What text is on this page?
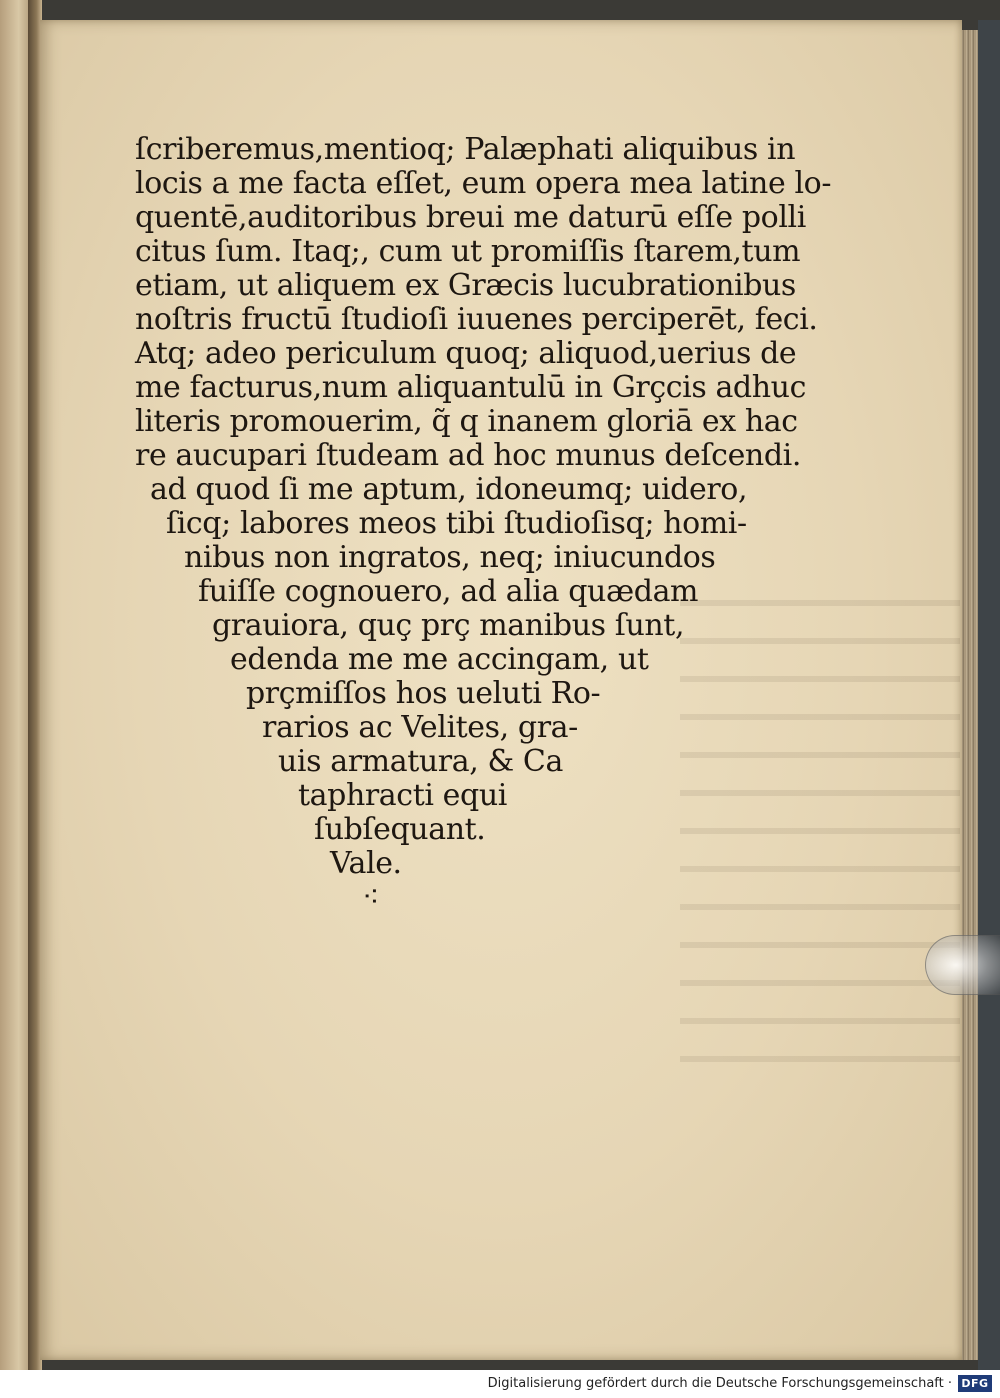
ſcriberemus,mentioq; Palæphati aliquibus in
locis a me facta eſſet, eum opera mea latine lo-
quentē,auditoribus breui me daturū eſſe polli
citus ſum. Itaq;, cum ut promiſſis ſtarem,tum
etiam, ut aliquem ex Græcis lucubrationibus
noſtris fructū ſtudioſi iuuenes perciperēt, feci.
Atq; adeo periculum quoq; aliquod,uerius de
me facturus,num aliquantulū in Grçcis adhuc
literis promouerim, q̃ q inanem gloriā ex hac
re aucupari ſtudeam ad hoc munus deſcendi.
ad quod ſi me aptum, idoneumq; uidero,
ſicq; labores meos tibi ſtudioſisq; homi-
nibus non ingratos, neq; iniucundos
fuiſſe cognouero, ad alia quædam
grauiora, quç prç manibus ſunt,
edenda me me accingam, ut
prçmiſſos hos ueluti Ro-
rarios ac Velites, gra-
uis armatura, & Ca
taphracti equi
ſubſequant.
Vale.
⁖
Digitalisierung gefördert durch die Deutsche Forschungsgemeinschaft · DFG
